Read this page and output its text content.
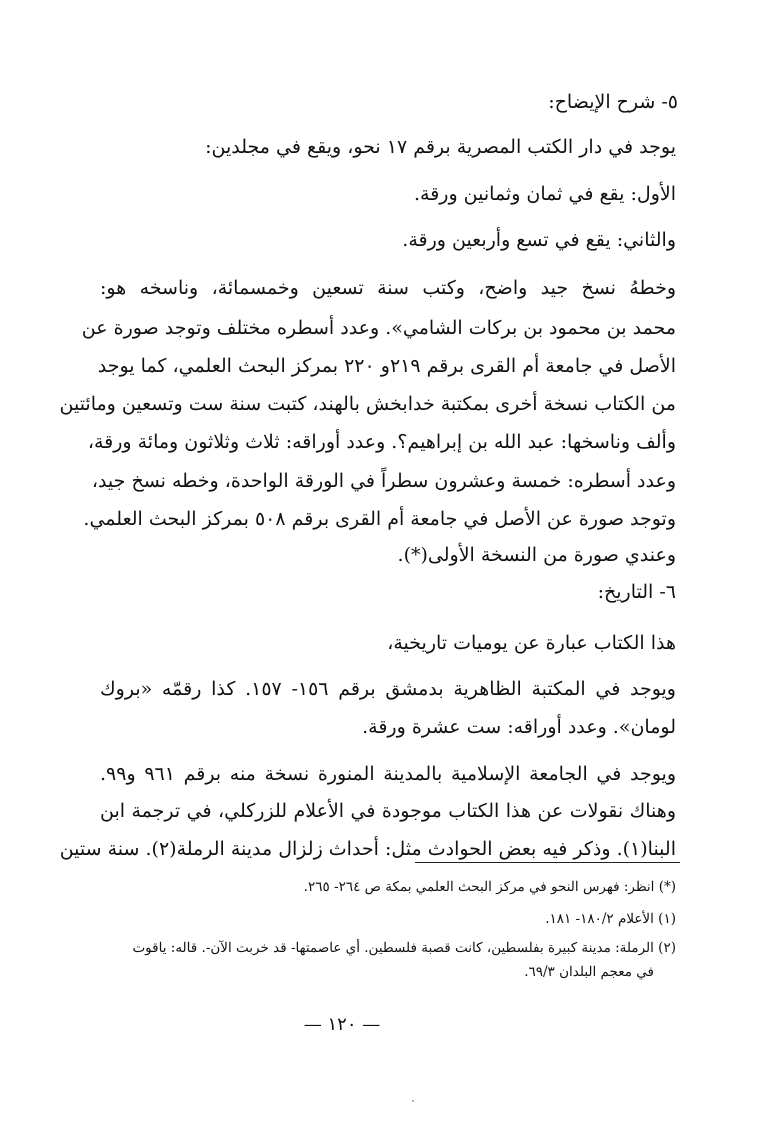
٥- شرح الإيضاح:
يوجد في دار الكتب المصرية برقم ١٧ نحو، ويقع في مجلدين:
الأول: يقع في ثمان وثمانين ورقة.
والثاني: يقع في تسع وأربعين ورقة.
وخطهُ نسخ جيد واضح، وكتب سنة تسعين وخمسمائة، وناسخه هو:
محمد بن محمود بن بركات الشامي». وعدد أسطره مختلف وتوجد صورة عن
الأصل في جامعة أم القرى برقم ٢١٩و ٢٢٠ بمركز البحث العلمي، كما يوجد
من الكتاب نسخة أخرى بمكتبة خدابخش بالهند، كتبت سنة ست وتسعين ومائتين
وألف وناسخها: عبد الله بن إبراهيم؟. وعدد أوراقه: ثلاث وثلاثون ومائة ورقة،
وعدد أسطره: خمسة وعشرون سطراً في الورقة الواحدة، وخطه نسخ جيد،
وتوجد صورة عن الأصل في جامعة أم القرى برقم ٥٠٨ بمركز البحث العلمي.
وعندي صورة من النسخة الأولى(*).
٦- التاريخ:
هذا الكتاب عبارة عن يوميات تاريخية،
ويوجد في المكتبة الظاهرية بدمشق برقم ١٥٦- ١٥٧. كذا رقمّه «بروك
لومان». وعدد أوراقه: ست عشرة ورقة.
ويوجد في الجامعة الإسلامية بالمدينة المنورة نسخة منه برقم ٩٦١ و٩٩.
وهناك نقولات عن هذا الكتاب موجودة في الأعلام للزركلي، في ترجمة ابن
البنا(١). وذكر فيه بعض الحوادث مثل: أحداث زلزال مدينة الرملة(٢). سنة ستين
(*) انظر: فهرس النحو في مركز البحث العلمي بمكة ص ٢٦٤- ٢٦٥.
(١) الأعلام ١٨٠/٢- ١٨١.
(٢) الرملة: مدينة كبيرة بفلسطين، كانت قصبة فلسطين. أي عاصمتها- قد خربت الآن-. قاله: ياقوت
في معجم البلدان ٦٩/٣.
— ١٢٠ —
